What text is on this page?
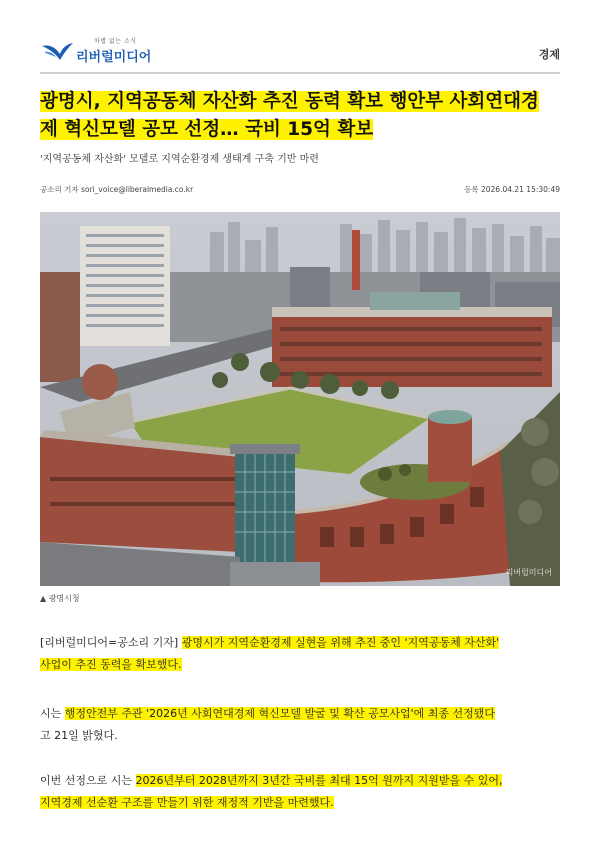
차별 없는 소식
리버럴미디어	경제
광명시, 지역공동체 자산화 추진 동력 확보 행안부 사회연대경
제 혁신모델 공모 선정… 국비 15억 확보
'지역공동체 자산화' 모델로 지역순환경제 생태계 구축 기반 마련
공소리 기자 sori_voice@liberalmedia.co.kr	등록 2026.04.21 15:30:49
리버럴미디어
▲ 광명시청

[리버럴미디어=공소리 기자] 광명시가 지역순환경제 실현을 위해 추진 중인 '지역공동체 자산화'
사업이 추진 동력을 확보했다.

시는 행정안전부 주관 '2026년 사회연대경제 혁신모델 발굴 및 확산 공모사업'에 최종 선정됐다
고 21일 밝혔다.

이번 선정으로 시는 2026년부터 2028년까지 3년간 국비를 최대 15억 원까지 지원받을 수 있어,
지역경제 선순환 구조를 만들기 위한 재정적 기반을 마련했다.
